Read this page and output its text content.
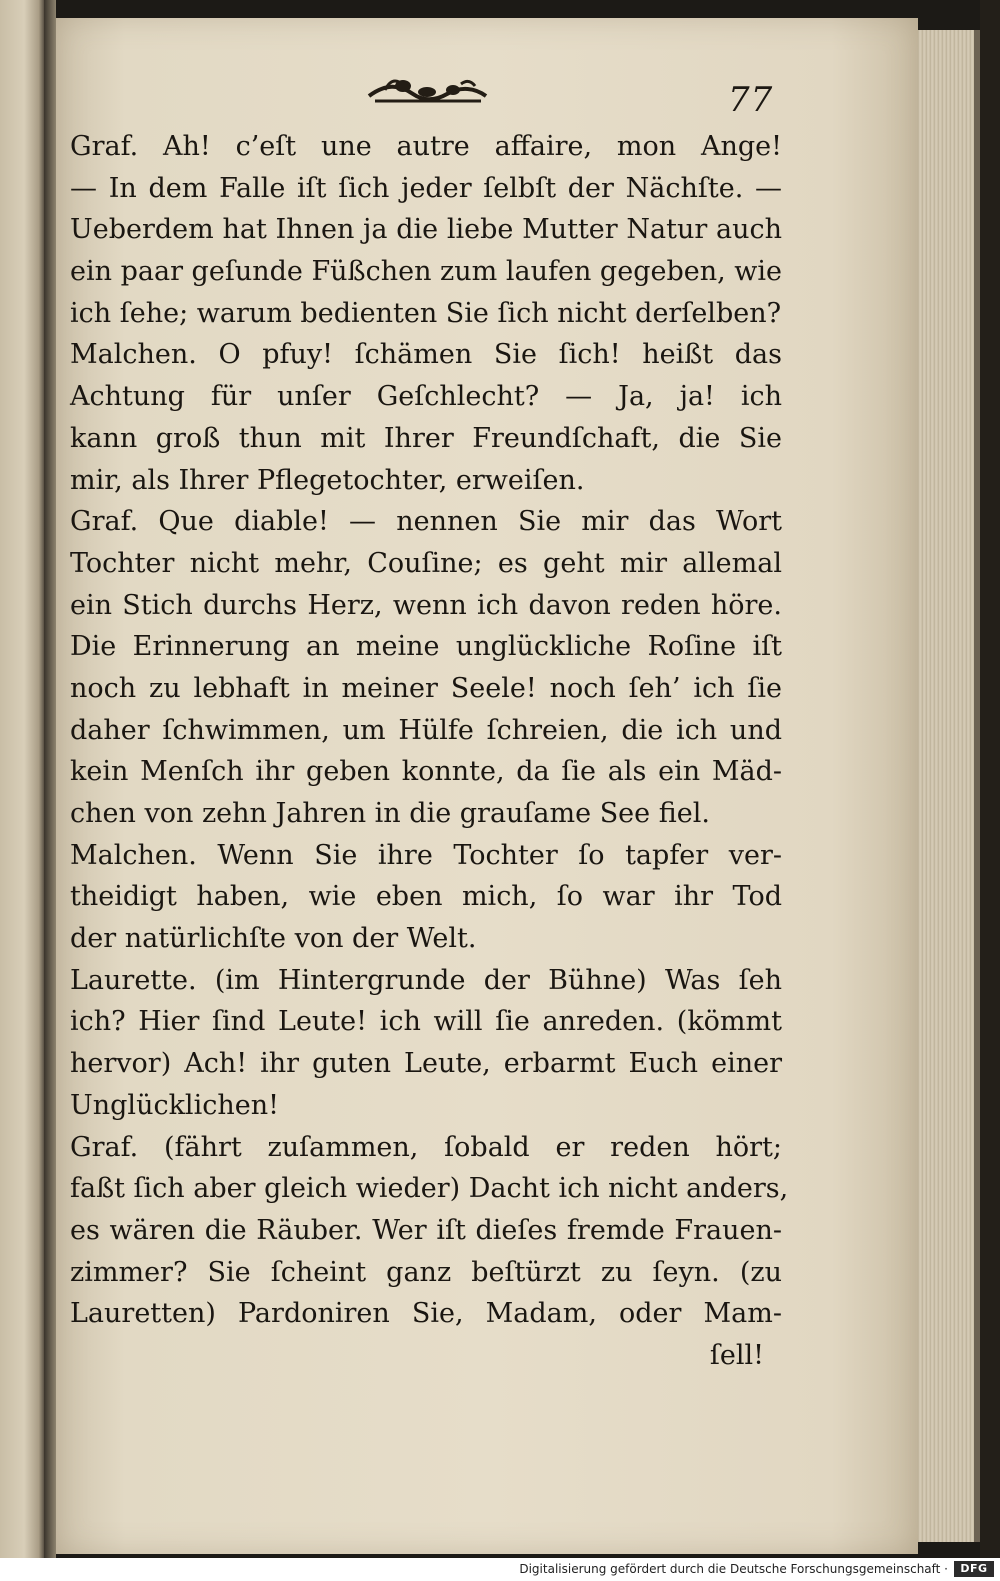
77
Graf. Ah! c’eſt une autre affaire, mon Ange!
— In dem Falle iſt ſich jeder ſelbſt der Nächſte. —
Ueberdem hat Ihnen ja die liebe Mutter Natur auch
ein paar geſunde Füßchen zum laufen gegeben, wie
ich ſehe; warum bedienten Sie ſich nicht derſelben?
Malchen. O pfuy! ſchämen Sie ſich! heißt das
Achtung für unſer Geſchlecht? — Ja, ja! ich
kann groß thun mit Ihrer Freundſchaft, die Sie
mir, als Ihrer Pflegetochter, erweiſen.
Graf. Que diable! — nennen Sie mir das Wort
Tochter nicht mehr, Couſine; es geht mir allemal
ein Stich durchs Herz, wenn ich davon reden höre.
Die Erinnerung an meine unglückliche Roſine iſt
noch zu lebhaft in meiner Seele! noch ſeh’ ich ſie
daher ſchwimmen, um Hülfe ſchreien, die ich und
kein Menſch ihr geben konnte, da ſie als ein Mäd-
chen von zehn Jahren in die grauſame See fiel.
Malchen. Wenn Sie ihre Tochter ſo tapfer ver-
theidigt haben, wie eben mich, ſo war ihr Tod
der natürlichſte von der Welt.
Laurette. (im Hintergrunde der Bühne) Was ſeh
ich? Hier ſind Leute! ich will ſie anreden. (kömmt
hervor) Ach! ihr guten Leute, erbarmt Euch einer
Unglücklichen!
Graf. (fährt zuſammen, ſobald er reden hört;
faßt ſich aber gleich wieder) Dacht ich nicht anders,
es wären die Räuber. Wer iſt dieſes fremde Frauen-
zimmer? Sie ſcheint ganz beſtürzt zu ſeyn. (zu
Lauretten) Pardoniren Sie, Madam, oder Mam-
ſell!
Digitalisierung gefördert durch die Deutsche Forschungsgemeinschaft ·	DFG
